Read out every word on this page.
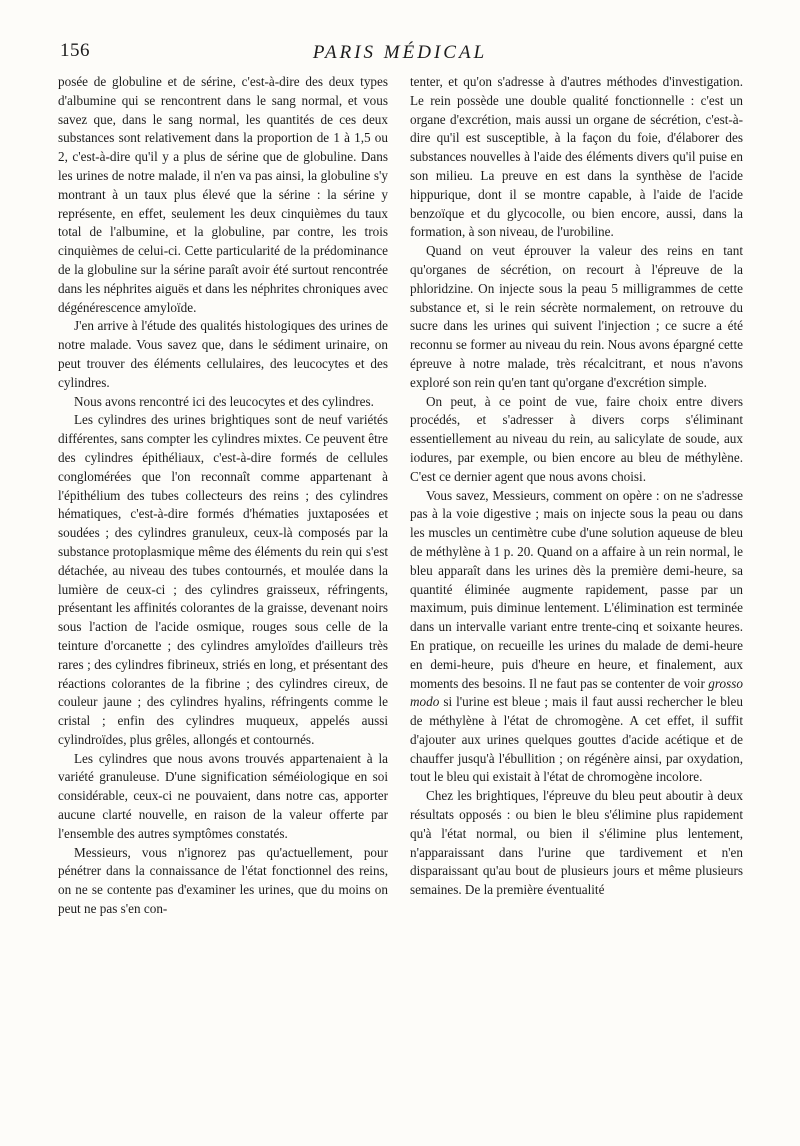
156	PARIS MÉDICAL

posée de globuline et de sérine, c'est-à-dire des deux types d'albumine qui se rencontrent dans le sang normal, et vous savez que, dans le sang normal, les quantités de ces deux substances sont relativement dans la proportion de 1 à 1,5 ou 2, c'est-à-dire qu'il y a plus de sérine que de globuline. Dans les urines de notre malade, il n'en va pas ainsi, la globuline s'y montrant à un taux plus élevé que la sérine : la sérine y représente, en effet, seulement les deux cinquièmes du taux total de l'albumine, et la globuline, par contre, les trois cinquièmes de celui-ci. Cette particularité de la prédominance de la globuline sur la sérine paraît avoir été surtout rencontrée dans les néphrites aiguës et dans les néphrites chroniques avec dégénérescence amyloïde.

J'en arrive à l'étude des qualités histologiques des urines de notre malade. Vous savez que, dans le sédiment urinaire, on peut trouver des éléments cellulaires, des leucocytes et des cylindres.

Nous avons rencontré ici des leucocytes et des cylindres.

Les cylindres des urines brightiques sont de neuf variétés différentes, sans compter les cylindres mixtes. Ce peuvent être des cylindres épithéliaux, c'est-à-dire formés de cellules conglomérées que l'on reconnaît comme appartenant à l'épithélium des tubes collecteurs des reins ; des cylindres hématiques, c'est-à-dire formés d'hématies juxtaposées et soudées ; des cylindres granuleux, ceux-là composés par la substance protoplasmique même des éléments du rein qui s'est détachée, au niveau des tubes contournés, et moulée dans la lumière de ceux-ci ; des cylindres graisseux, réfringents, présentant les affinités colorantes de la graisse, devenant noirs sous l'action de l'acide osmique, rouges sous celle de la teinture d'orcanette ; des cylindres amyloïdes d'ailleurs très rares ; des cylindres fibrineux, striés en long, et présentant des réactions colorantes de la fibrine ; des cylindres cireux, de couleur jaune ; des cylindres hyalins, réfringents comme le cristal ; enfin des cylindres muqueux, appelés aussi cylindroïdes, plus grêles, allongés et contournés.

Les cylindres que nous avons trouvés appartenaient à la variété granuleuse. D'une signification séméiologique en soi considérable, ceux-ci ne pouvaient, dans notre cas, apporter aucune clarté nouvelle, en raison de la valeur offerte par l'ensemble des autres symptômes constatés.

Messieurs, vous n'ignorez pas qu'actuellement, pour pénétrer dans la connaissance de l'état fonctionnel des reins, on ne se contente pas d'examiner les urines, que du moins on peut ne pas s'en con-

tenter, et qu'on s'adresse à d'autres méthodes d'investigation. Le rein possède une double qualité fonctionnelle : c'est un organe d'excrétion, mais aussi un organe de sécrétion, c'est-à-dire qu'il est susceptible, à la façon du foie, d'élaborer des substances nouvelles à l'aide des éléments divers qu'il puise en son milieu. La preuve en est dans la synthèse de l'acide hippurique, dont il se montre capable, à l'aide de l'acide benzoïque et du glycocolle, ou bien encore, aussi, dans la formation, à son niveau, de l'urobiline.

Quand on veut éprouver la valeur des reins en tant qu'organes de sécrétion, on recourt à l'épreuve de la phloridzine. On injecte sous la peau 5 milligrammes de cette substance et, si le rein sécrète normalement, on retrouve du sucre dans les urines qui suivent l'injection ; ce sucre a été reconnu se former au niveau du rein. Nous avons épargné cette épreuve à notre malade, très récalcitrant, et nous n'avons exploré son rein qu'en tant qu'organe d'excrétion simple.

On peut, à ce point de vue, faire choix entre divers procédés, et s'adresser à divers corps s'éliminant essentiellement au niveau du rein, au salicylate de soude, aux iodures, par exemple, ou bien encore au bleu de méthylène. C'est ce dernier agent que nous avons choisi.

Vous savez, Messieurs, comment on opère : on ne s'adresse pas à la voie digestive ; mais on injecte sous la peau ou dans les muscles un centimètre cube d'une solution aqueuse de bleu de méthylène à 1 p. 20. Quand on a affaire à un rein normal, le bleu apparaît dans les urines dès la première demi-heure, sa quantité éliminée augmente rapidement, passe par un maximum, puis diminue lentement. L'élimination est terminée dans un intervalle variant entre trente-cinq et soixante heures. En pratique, on recueille les urines du malade de demi-heure en demi-heure, puis d'heure en heure, et finalement, aux moments des besoins. Il ne faut pas se contenter de voir grosso modo si l'urine est bleue ; mais il faut aussi rechercher le bleu de méthylène à l'état de chromogène. A cet effet, il suffit d'ajouter aux urines quelques gouttes d'acide acétique et de chauffer jusqu'à l'ébullition ; on régénère ainsi, par oxydation, tout le bleu qui existait à l'état de chromogène incolore.

Chez les brightiques, l'épreuve du bleu peut aboutir à deux résultats opposés : ou bien le bleu s'élimine plus rapidement qu'à l'état normal, ou bien il s'élimine plus lentement, n'apparaissant dans l'urine que tardivement et n'en disparaissant qu'au bout de plusieurs jours et même plusieurs semaines. De la première éventualité
